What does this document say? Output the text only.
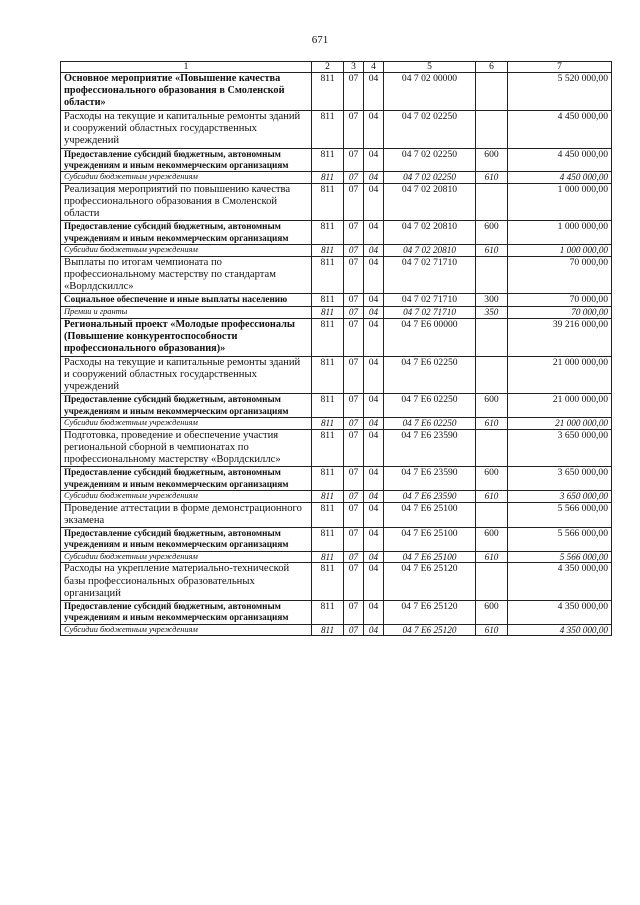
671
1	2	3	4	5	6	7
Основное мероприятие «Повышение качества профессионального образования в Смоленской области»	811	07	04	04 7 02 00000		5 520 000,00
Расходы на текущие и капитальные ремонты зданий и сооружений областных государственных учреждений	811	07	04	04 7 02 02250		4 450 000,00
Предоставление субсидий бюджетным, автономным учреждениям и иным некоммерческим организациям	811	07	04	04 7 02 02250	600	4 450 000,00
Субсидии бюджетным учреждениям	811	07	04	04 7 02 02250	610	4 450 000,00
Реализация мероприятий по повышению качества профессионального образования в Смоленской области	811	07	04	04 7 02 20810		1 000 000,00
Предоставление субсидий бюджетным, автономным учреждениям и иным некоммерческим организациям	811	07	04	04 7 02 20810	600	1 000 000,00
Субсидии бюджетным учреждениям	811	07	04	04 7 02 20810	610	1 000 000,00
Выплаты по итогам чемпионата по профессиональному мастерству по стандартам «Ворлдскиллс»	811	07	04	04 7 02 71710		70 000,00
Социальное обеспечение и иные выплаты населению	811	07	04	04 7 02 71710	300	70 000,00
Премии и гранты	811	07	04	04 7 02 71710	350	70 000,00
Региональный проект «Молодые профессионалы (Повышение конкурентоспособности профессионального образования)»	811	07	04	04 7 E6 00000		39 216 000,00
Расходы на текущие и капитальные ремонты зданий и сооружений областных государственных учреждений	811	07	04	04 7 E6 02250		21 000 000,00
Предоставление субсидий бюджетным, автономным учреждениям и иным некоммерческим организациям	811	07	04	04 7 E6 02250	600	21 000 000,00
Субсидии бюджетным учреждениям	811	07	04	04 7 E6 02250	610	21 000 000,00
Подготовка, проведение и обеспечение участия региональной сборной в чемпионатах по профессиональному мастерству «Ворлдскиллс»	811	07	04	04 7 E6 23590		3 650 000,00
Предоставление субсидий бюджетным, автономным учреждениям и иным некоммерческим организациям	811	07	04	04 7 E6 23590	600	3 650 000,00
Субсидии бюджетным учреждениям	811	07	04	04 7 E6 23590	610	3 650 000,00
Проведение аттестации в форме демонстрационного экзамена	811	07	04	04 7 E6 25100		5 566 000,00
Предоставление субсидий бюджетным, автономным учреждениям и иным некоммерческим организациям	811	07	04	04 7 E6 25100	600	5 566 000,00
Субсидии бюджетным учреждениям	811	07	04	04 7 E6 25100	610	5 566 000,00
Расходы на укрепление материально-технической базы профессиональных образовательных организаций	811	07	04	04 7 E6 25120		4 350 000,00
Предоставление субсидий бюджетным, автономным учреждениям и иным некоммерческим организациям	811	07	04	04 7 E6 25120	600	4 350 000,00
Субсидии бюджетным учреждениям	811	07	04	04 7 E6 25120	610	4 350 000,00
